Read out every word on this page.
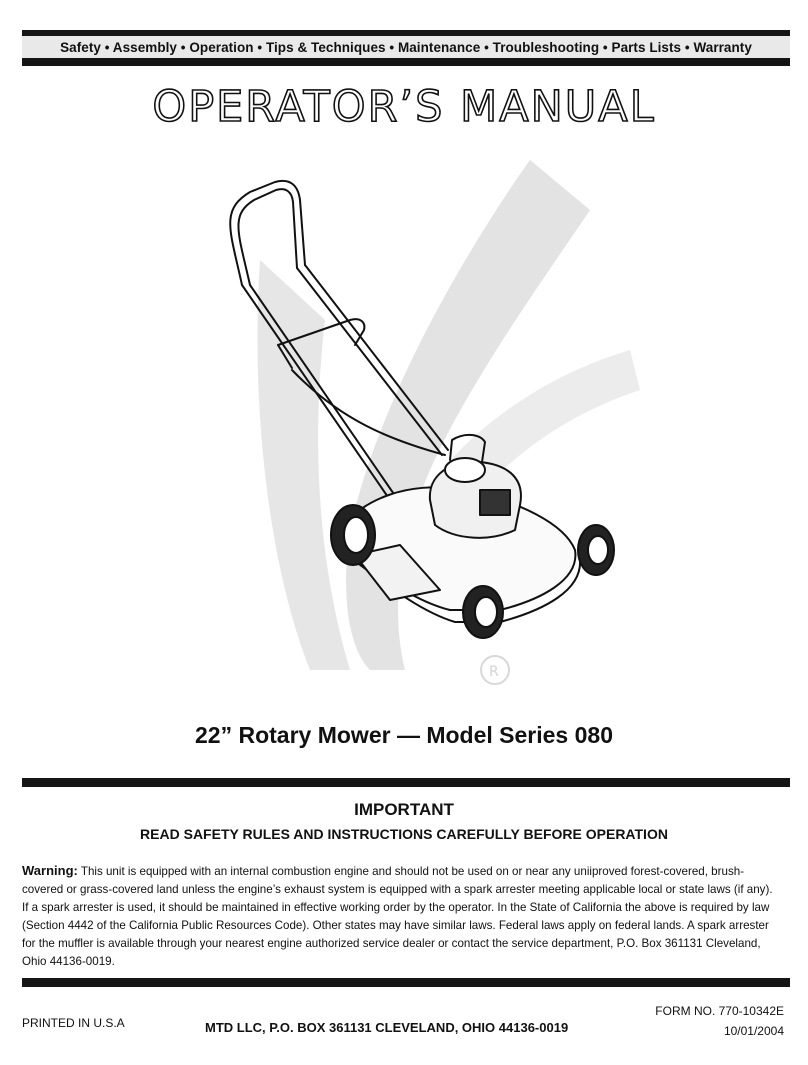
Safety • Assembly • Operation • Tips & Techniques • Maintenance • Troubleshooting • Parts Lists • Warranty
OPERATOR’S MANUAL
R
22” Rotary Mower — Model Series 080
IMPORTANT
READ SAFETY RULES AND INSTRUCTIONS CAREFULLY BEFORE OPERATION

Warning: This unit is equipped with an internal combustion engine and should not be used on or near any uniiproved forest-covered, brush-

covered or grass-covered land unless the engine’s exhaust system is equipped with a spark arrester meeting applicable local or state laws (if any).

If a spark arrester is used, it should be maintained in effective working order by the operator. In the State of California the above is required by law

(Section 4442 of the California Public Resources Code). Other states may have similar laws. Federal laws apply on federal lands. A spark arrester

for the muffler is available through your nearest engine authorized service dealer or contact the service department, P.O. Box 361131 Cleveland,

Ohio 44136-0019.

PRINTED IN U.S.A	MTD LLC, P.O. BOX 361131 CLEVELAND, OHIO 44136-0019
FORM NO. 770-10342E
10/01/2004
